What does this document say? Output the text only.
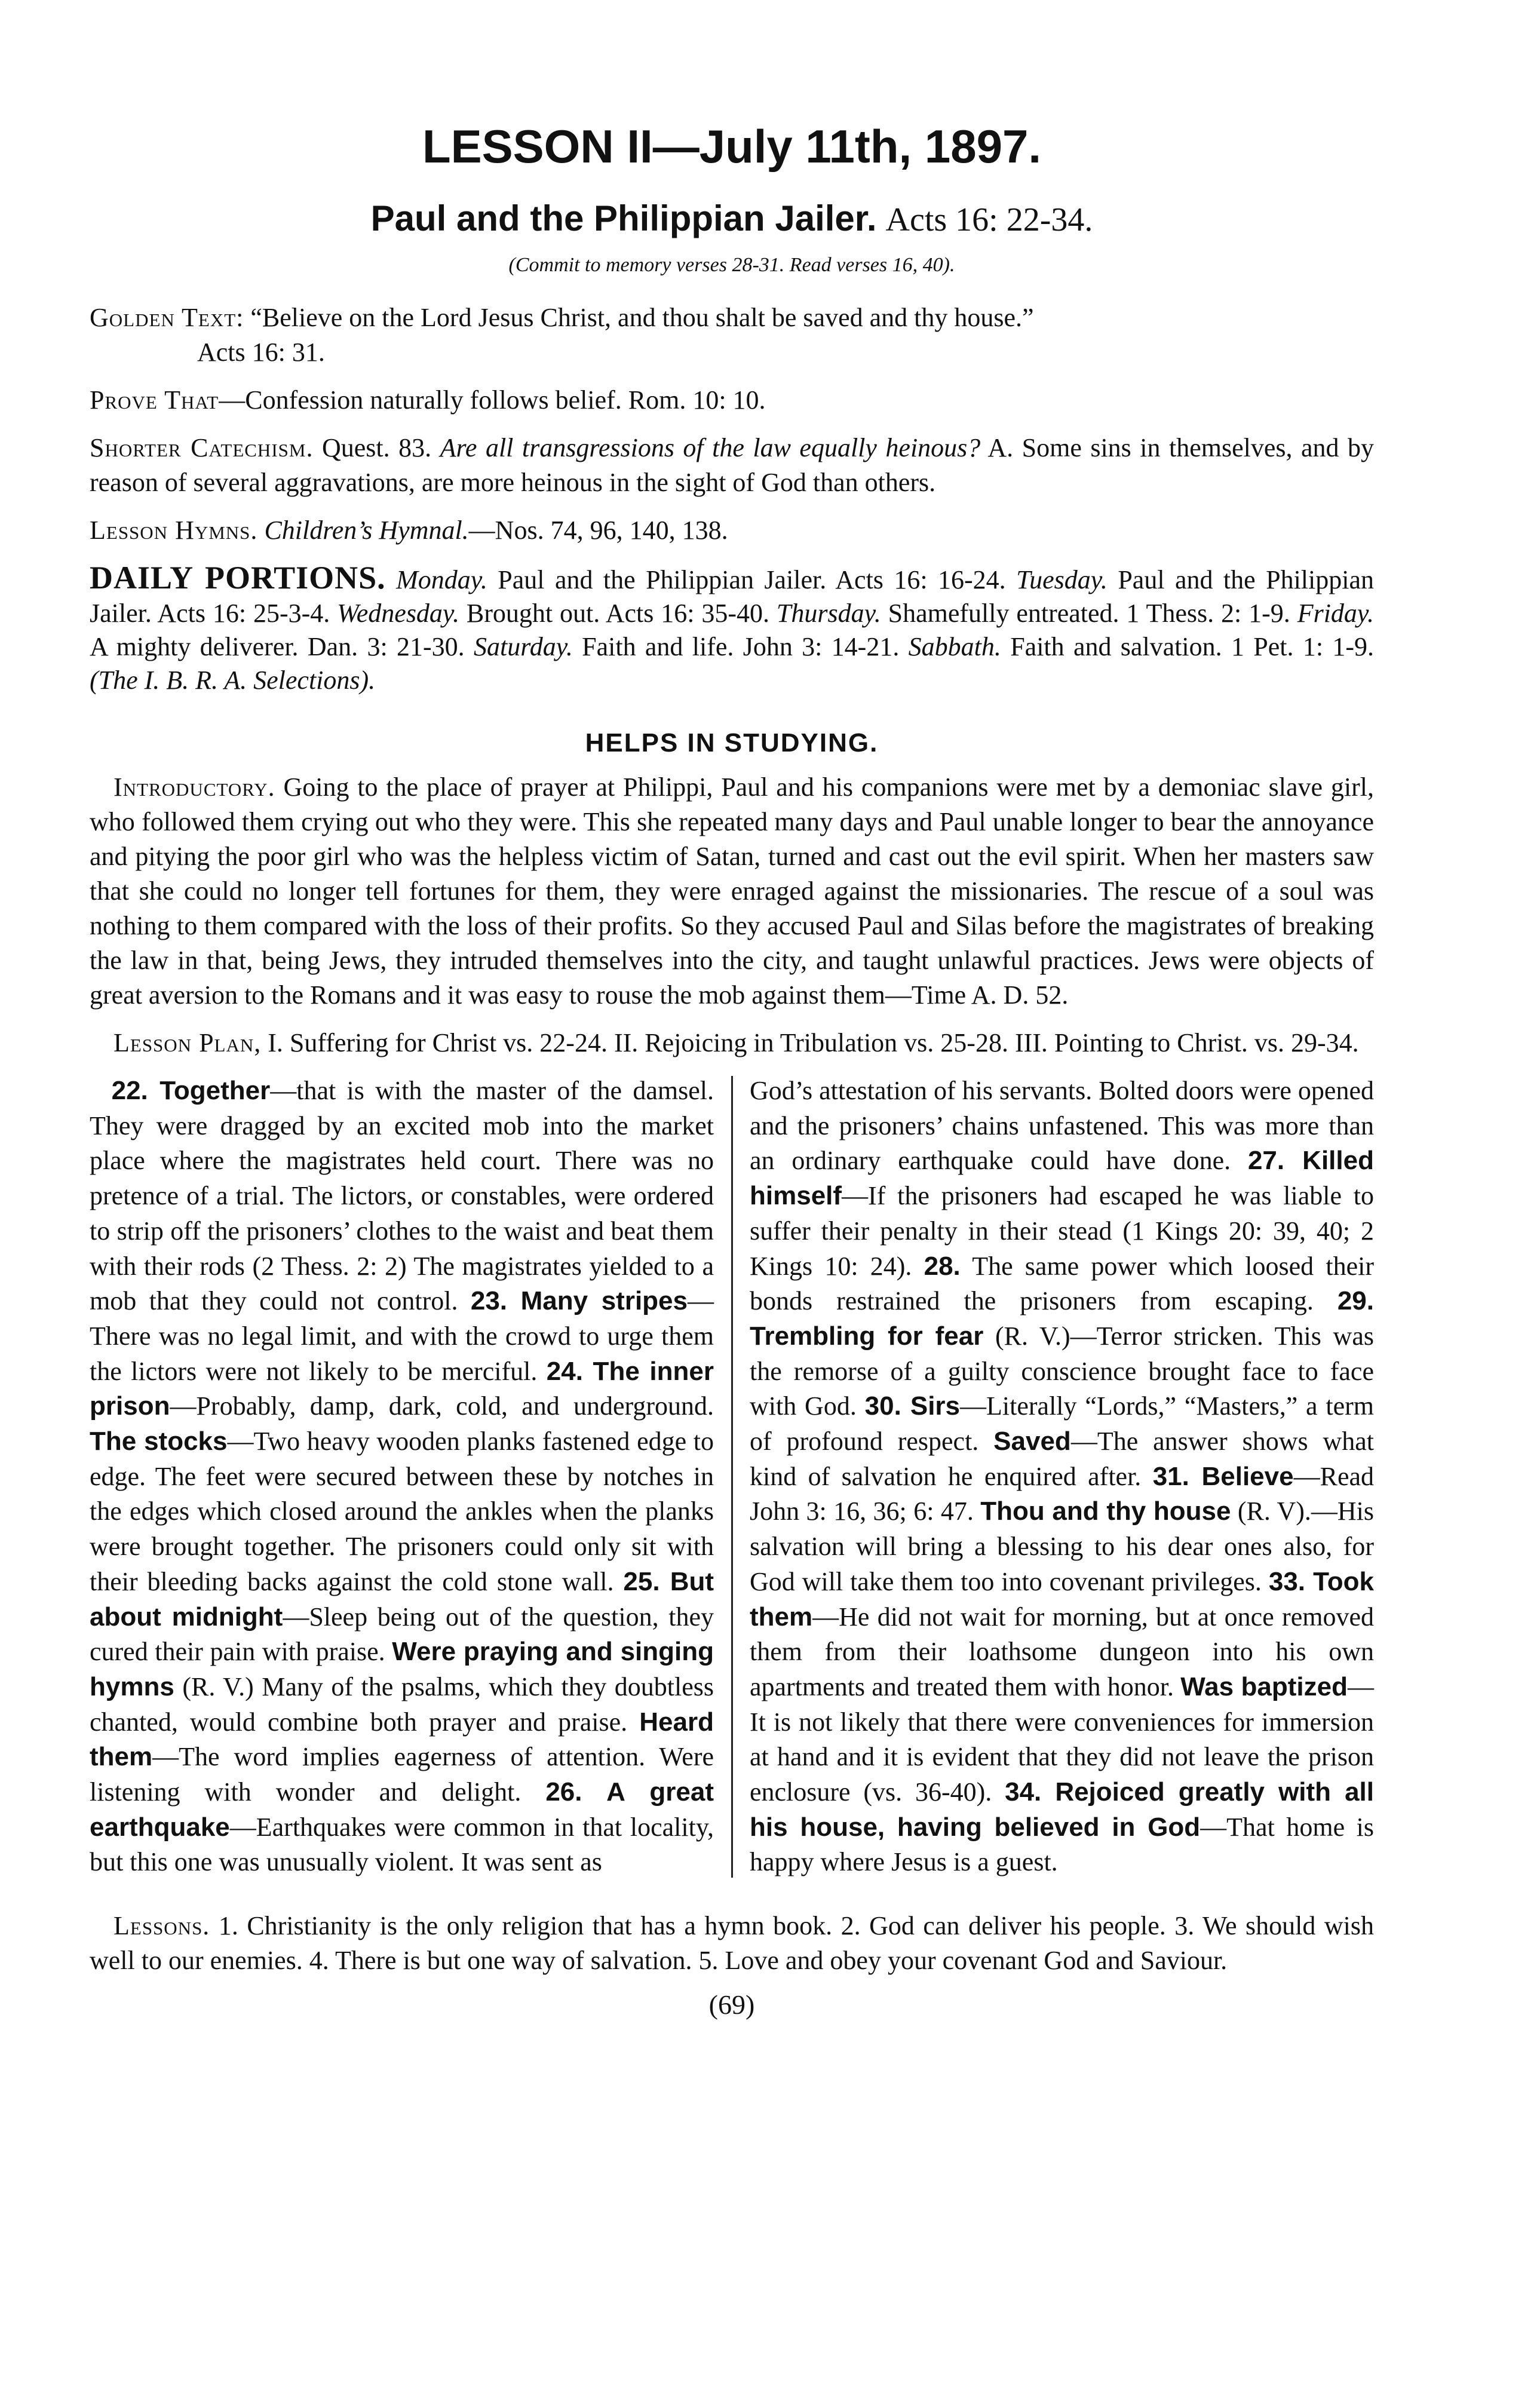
LESSON II—July 11th, 1897.
Paul and the Philippian Jailer. Acts 16: 22-34.
(Commit to memory verses 28-31. Read verses 16, 40).
Golden Text: “Believe on the Lord Jesus Christ, and thou shalt be saved and thy house.”
Acts 16: 31.
Prove That—Confession naturally follows belief. Rom. 10: 10.
Shorter Catechism. Quest. 83. Are all transgressions of the law equally heinous? A. Some sins in themselves, and by reason of several aggravations, are more heinous in the sight of God than others.
Lesson Hymns. Children’s Hymnal.—Nos. 74, 96, 140, 138.
DAILY PORTIONS. Monday. Paul and the Philippian Jailer. Acts 16: 16-24. Tuesday. Paul and the Philippian Jailer. Acts 16: 25-3-4. Wednesday. Brought out. Acts 16: 35-40. Thursday. Shamefully entreated. 1 Thess. 2: 1-9. Friday. A mighty deliverer. Dan. 3: 21-30. Saturday. Faith and life. John 3: 14-21. Sabbath. Faith and salvation. 1 Pet. 1: 1-9. (The I. B. R. A. Selections).
HELPS IN STUDYING.
Introductory. Going to the place of prayer at Philippi, Paul and his companions were met by a demoniac slave girl, who followed them crying out who they were. This she repeated many days and Paul unable longer to bear the annoyance and pitying the poor girl who was the helpless victim of Satan, turned and cast out the evil spirit. When her masters saw that she could no longer tell fortunes for them, they were enraged against the missionaries. The rescue of a soul was nothing to them compared with the loss of their profits. So they accused Paul and Silas before the magistrates of breaking the law in that, being Jews, they intruded themselves into the city, and taught unlawful practices. Jews were objects of great aversion to the Romans and it was easy to rouse the mob against them—Time A. D. 52.
Lesson Plan, I. Suffering for Christ vs. 22-24. II. Rejoicing in Tribulation vs. 25-28. III. Pointing to Christ. vs. 29-34.
22. Together—that is with the master of the damsel. They were dragged by an excited mob into the market place where the magistrates held court. There was no pretence of a trial. The lictors, or constables, were ordered to strip off the prisoners’ clothes to the waist and beat them with their rods (2 Thess. 2: 2) The magistrates yielded to a mob that they could not control. 23. Many stripes—There was no legal limit, and with the crowd to urge them the lictors were not likely to be merciful. 24. The inner prison—Probably, damp, dark, cold, and underground. The stocks—Two heavy wooden planks fastened edge to edge. The feet were secured between these by notches in the edges which closed around the ankles when the planks were brought together. The prisoners could only sit with their bleeding backs against the cold stone wall. 25. But about midnight—Sleep being out of the question, they cured their pain with praise. Were praying and singing hymns (R. V.) Many of the psalms, which they doubtless chanted, would combine both prayer and praise. Heard them—The word implies eagerness of attention. Were listening with wonder and delight. 26. A great earthquake—Earthquakes were common in that locality, but this one was unusually violent. It was sent as
God’s attestation of his servants. Bolted doors were opened and the prisoners’ chains unfastened. This was more than an ordinary earthquake could have done. 27. Killed himself—If the prisoners had escaped he was liable to suffer their penalty in their stead (1 Kings 20: 39, 40; 2 Kings 10: 24). 28. The same power which loosed their bonds restrained the prisoners from escaping. 29. Trembling for fear (R. V.)—Terror stricken. This was the remorse of a guilty conscience brought face to face with God. 30. Sirs—Literally “Lords,” “Masters,” a term of profound respect. Saved—The answer shows what kind of salvation he enquired after. 31. Believe—Read John 3: 16, 36; 6: 47. Thou and thy house (R. V).—His salvation will bring a blessing to his dear ones also, for God will take them too into covenant privileges. 33. Took them—He did not wait for morning, but at once removed them from their loathsome dungeon into his own apartments and treated them with honor. Was baptized—It is not likely that there were conveniences for immersion at hand and it is evident that they did not leave the prison enclosure (vs. 36-40). 34. Rejoiced greatly with all his house, having believed in God—That home is happy where Jesus is a guest.
Lessons. 1. Christianity is the only religion that has a hymn book. 2. God can deliver his people. 3. We should wish well to our enemies. 4. There is but one way of salvation. 5. Love and obey your covenant God and Saviour.
(69)
